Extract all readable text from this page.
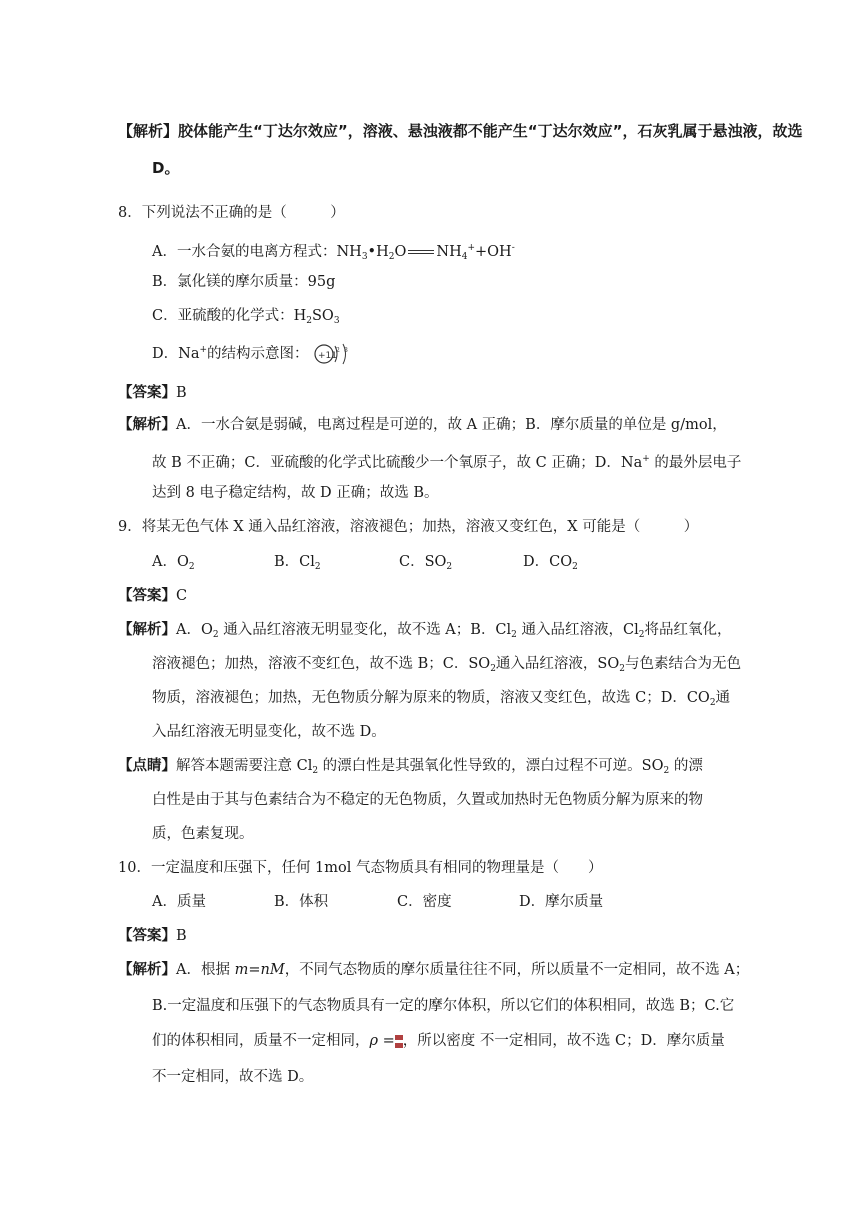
【解析】胶体能产生“丁达尔效应”，溶液、悬浊液都不能产生“丁达尔效应”，石灰乳属于悬浊液，故选
D。
8．下列说法不正确的是（　　　）
A．一水合氨的电离方程式：$NH_3•H_2O$ $NH_4^++OH^-$
B．氯化镁的摩尔质量：95g
C．亚硫酸的化学式：$H_2SO_3$
D．Na+的结构示意图： +11
2 8
【答案】B
【解析】A．一水合氨是弱碱，电离过程是可逆的，故 A 正确；B．摩尔质量的单位是 g/mol，
故 B 不正确；C．亚硫酸的化学式比硫酸少一个氧原子，故 C 正确；D．Na+ 的最外层电子
达到 8 电子稳定结构，故 D 正确；故选 B。
9．将某无色气体 X 通入品红溶液，溶液褪色；加热，溶液又变红色，X 可能是（　　　）
A．$O_2$	B．$Cl_2$	C．$SO_2$	D．$CO_2$
【答案】C
【解析】A．$O_2$ 通入品红溶液无明显变化，故不选 A；B．$Cl_2$ 通入品红溶液，$Cl_2$将品红氧化，
溶液褪色；加热，溶液不变红色，故不选 B；C．$SO_2$通入品红溶液，$SO_2$与色素结合为无色
物质，溶液褪色；加热，无色物质分解为原来的物质，溶液又变红色，故选 C；D．$CO_2$通
入品红溶液无明显变化，故不选 D。
【点睛】解答本题需要注意 $Cl_2$ 的漂白性是其强氧化性导致的，漂白过程不可逆。$SO_2$ 的漂
白性是由于其与色素结合为不稳定的无色物质，久置或加热时无色物质分解为原来的物
质，色素复现。
10．一定温度和压强下，任何 1mol 气态物质具有相同的物理量是（　　）
A．质量	B．体积	C．密度	D．摩尔质量
【答案】B
【解析】A．根据 m=nM，不同气态物质的摩尔质量往往不同，所以质量不一定相同，故不选 A；
B.一定温度和压强下的气态物质具有一定的摩尔体积，所以它们的体积相同，故选 B；C.它
们的体积相同，质量不一定相同，ρ = ，所以密度 不一定相同，故不选 C；D．摩尔质量
不一定相同，故不选 D。
